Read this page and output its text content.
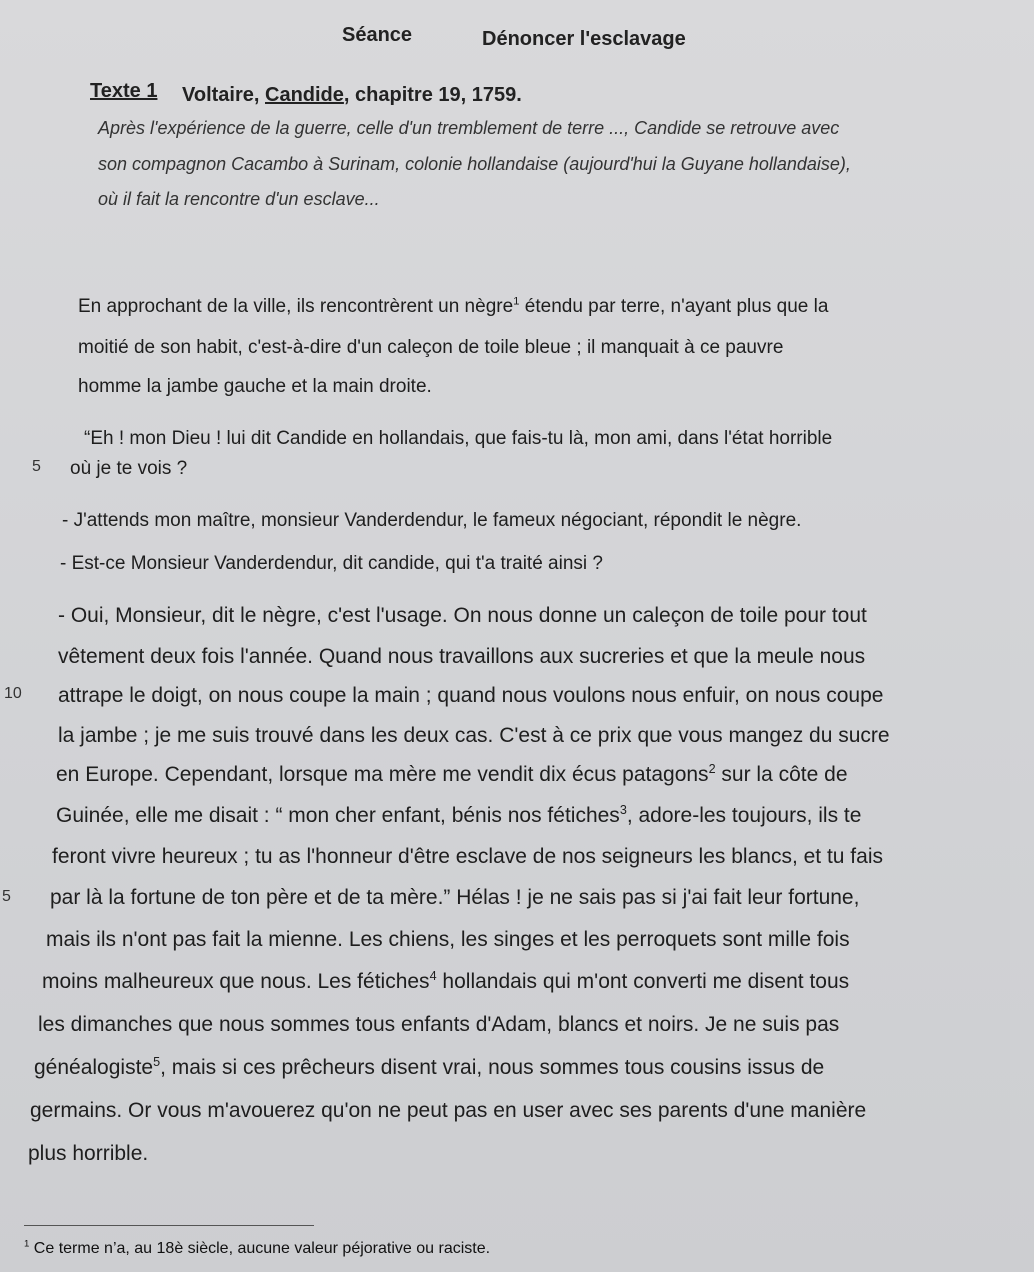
Séance	Dénoncer l'esclavage
Texte 1 Voltaire, Candide, chapitre 19, 1759.
Après l'expérience de la guerre, celle d'un tremblement de terre ..., Candide se retrouve avec
son compagnon Cacambo à Surinam, colonie hollandaise (aujourd'hui la Guyane hollandaise),
où il fait la rencontre d'un esclave...
En approchant de la ville, ils rencontrèrent un nègre$^1$ étendu par terre, n'ayant plus que la
moitié de son habit, c'est-à-dire d'un caleçon de toile bleue ; il manquait à ce pauvre
homme la jambe gauche et la main droite.
“Eh ! mon Dieu ! lui dit Candide en hollandais, que fais-tu là, mon ami, dans l'état horrible
5 où je te vois ?
- J'attends mon maître, monsieur Vanderdendur, le fameux négociant, répondit le nègre.
- Est-ce Monsieur Vanderdendur, dit candide, qui t'a traité ainsi ?
- Oui, Monsieur, dit le nègre, c'est l'usage. On nous donne un caleçon de toile pour tout
vêtement deux fois l'année. Quand nous travaillons aux sucreries et que la meule nous
10 attrape le doigt, on nous coupe la main ; quand nous voulons nous enfuir, on nous coupe
la jambe ; je me suis trouvé dans les deux cas. C'est à ce prix que vous mangez du sucre
en Europe. Cependant, lorsque ma mère me vendit dix écus patagons$^2$ sur la côte de
Guinée, elle me disait : “ mon cher enfant, bénis nos fétiches$^3$, adore-les toujours, ils te
feront vivre heureux ; tu as l'honneur d'être esclave de nos seigneurs les blancs, et tu fais
5 par là la fortune de ton père et de ta mère.” Hélas ! je ne sais pas si j'ai fait leur fortune,
mais ils n'ont pas fait la mienne. Les chiens, les singes et les perroquets sont mille fois
moins malheureux que nous. Les fétiches$^4$ hollandais qui m'ont converti me disent tous
les dimanches que nous sommes tous enfants d'Adam, blancs et noirs. Je ne suis pas
généalogiste$^5$, mais si ces prêcheurs disent vrai, nous sommes tous cousins issus de
germains. Or vous m'avouerez qu'on ne peut pas en user avec ses parents d'une manière
plus horrible.
$^1$ Ce terme n’a, au 18è siècle, aucune valeur péjorative ou raciste.
